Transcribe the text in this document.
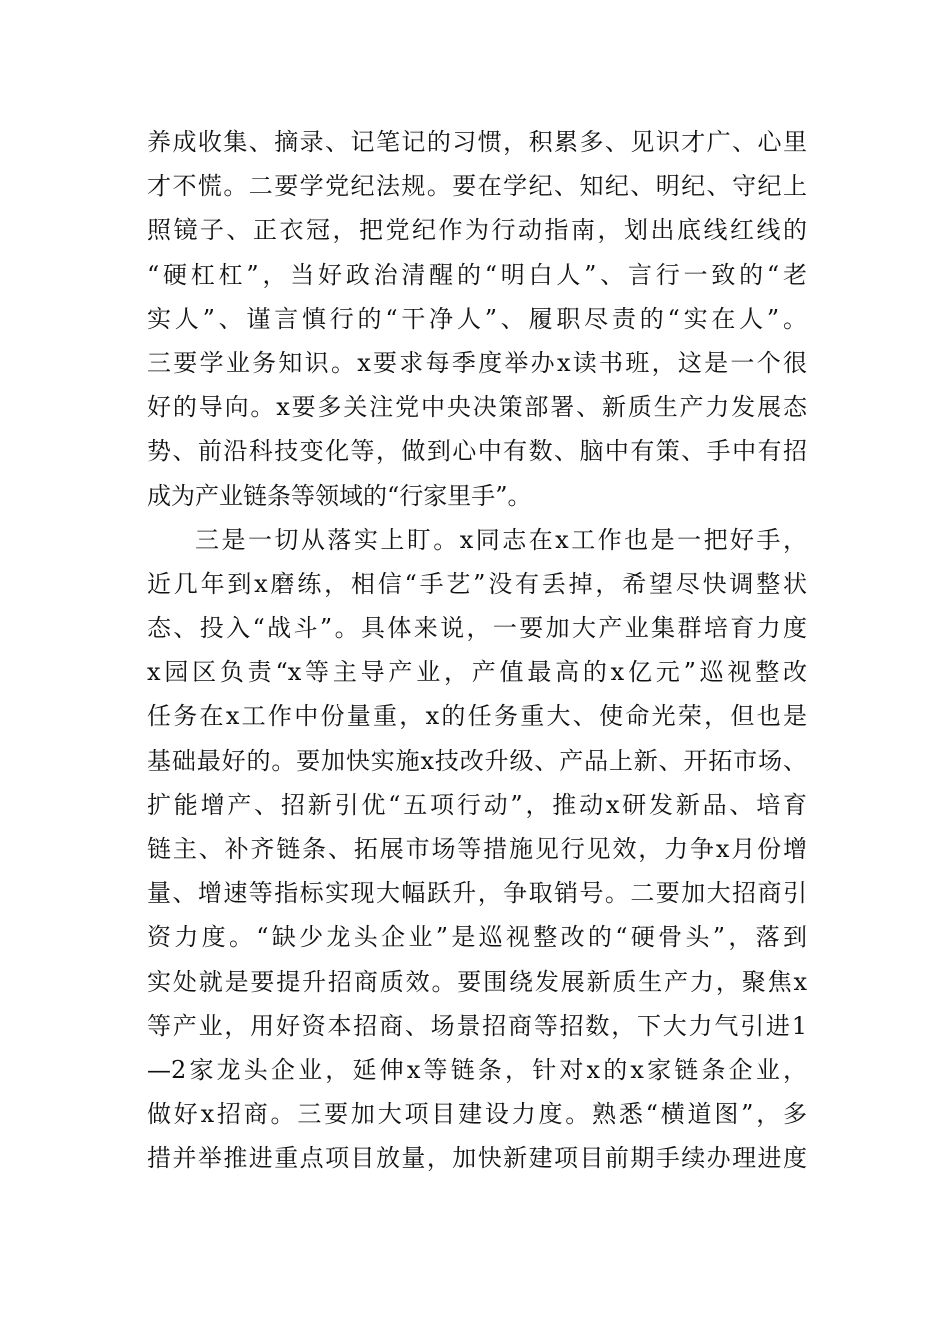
养成收集、摘录、记笔记的习惯，积累多、见识才广、心里
才不慌。二要学党纪法规。要在学纪、知纪、明纪、守纪上
照镜子、正衣冠，把党纪作为行动指南，划出底线红线的
“硬杠杠”，当好政治清醒的“明白人”、言行一致的“老
实人”、谨言慎行的“干净人”、履职尽责的“实在人”。
三要学业务知识。x要求每季度举办x读书班，这是一个很
好的导向。x要多关注党中央决策部署、新质生产力发展态
势、前沿科技变化等，做到心中有数、脑中有策、手中有招
成为产业链条等领域的“行家里手”。
三是一切从落实上盯。x同志在x工作也是一把好手，
近几年到x磨练，相信“手艺”没有丢掉，希望尽快调整状
态、投入“战斗”。具体来说，一要加大产业集群培育力度
x园区负责“x等主导产业，产值最高的x亿元”巡视整改
任务在x工作中份量重，x的任务重大、使命光荣，但也是
基础最好的。要加快实施x技改升级、产品上新、开拓市场、
扩能增产、招新引优“五项行动”，推动x研发新品、培育
链主、补齐链条、拓展市场等措施见行见效，力争x月份增
量、增速等指标实现大幅跃升，争取销号。二要加大招商引
资力度。“缺少龙头企业”是巡视整改的“硬骨头”，落到
实处就是要提升招商质效。要围绕发展新质生产力，聚焦x
等产业，用好资本招商、场景招商等招数，下大力气引进1
—2家龙头企业，延伸x等链条，针对x的x家链条企业，
做好x招商。三要加大项目建设力度。熟悉“横道图”，多
措并举推进重点项目放量，加快新建项目前期手续办理进度
